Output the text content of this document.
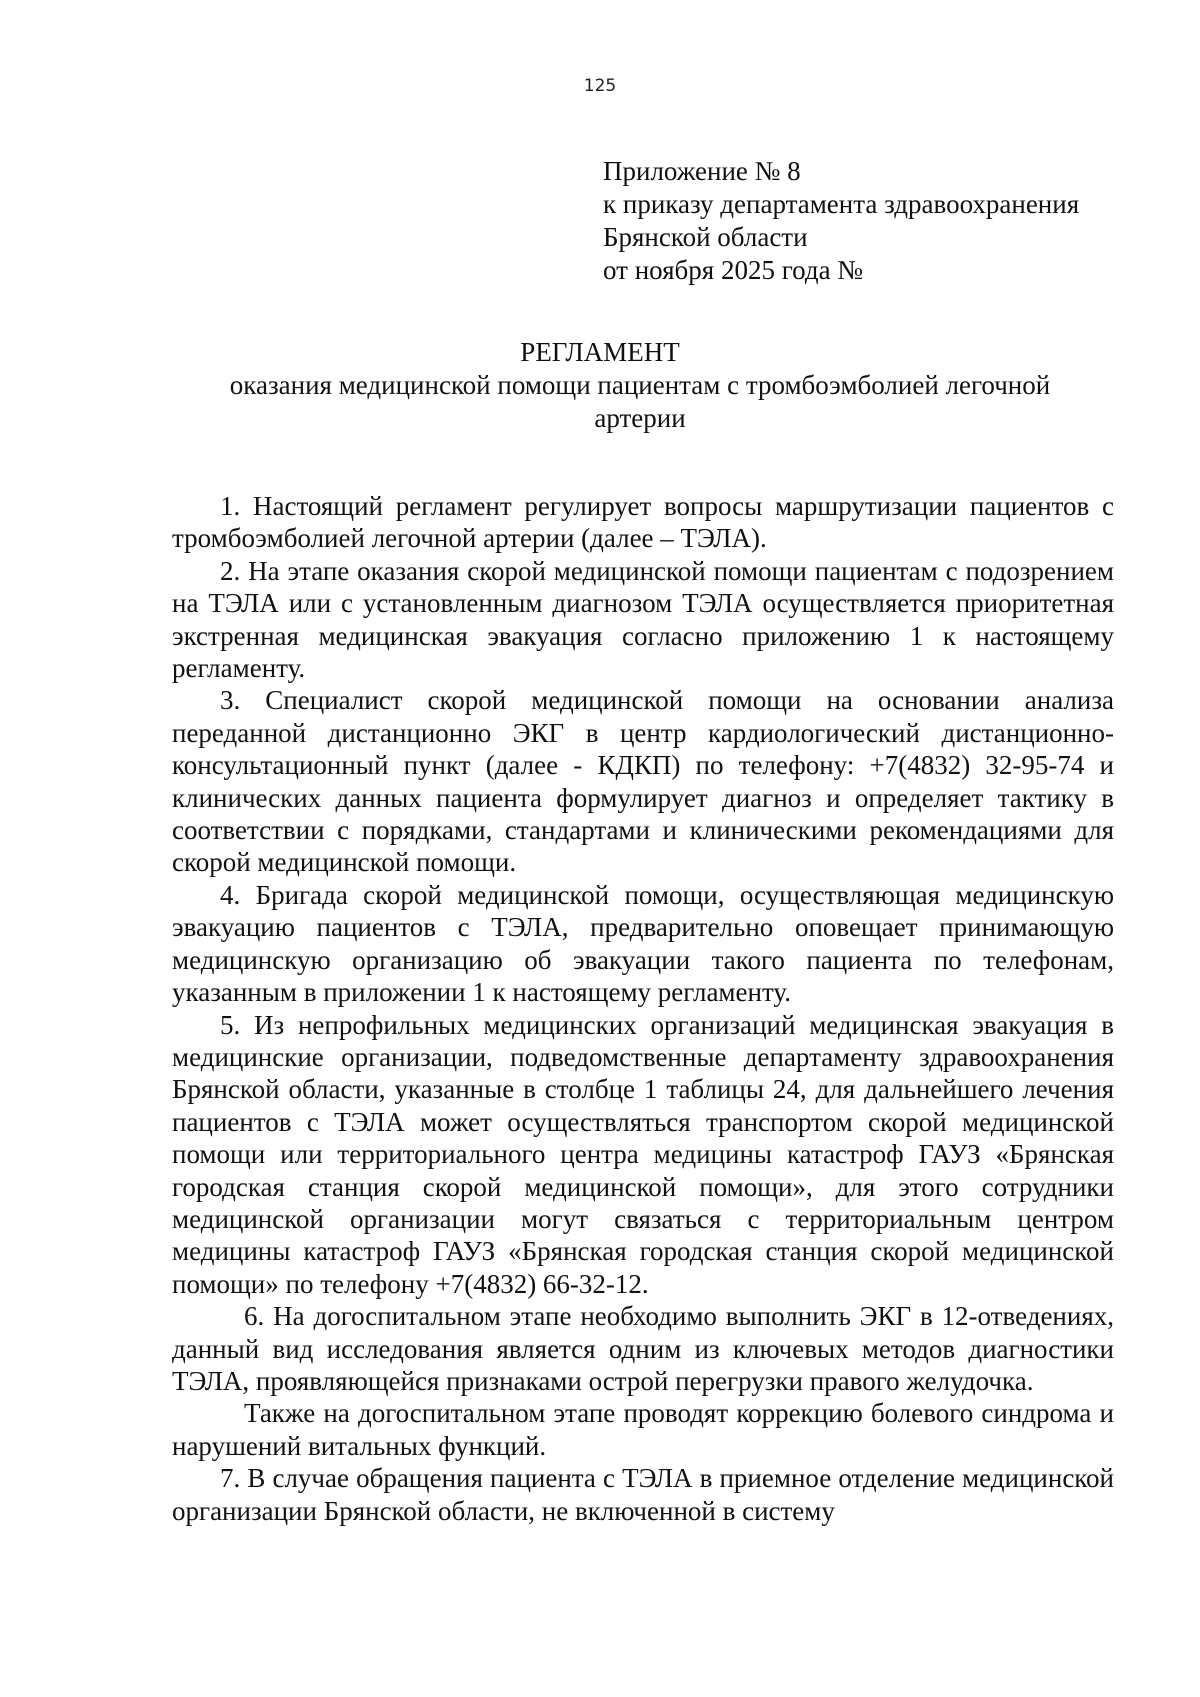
125
Приложение № 8
к приказу департамента здравоохранения
Брянской области
от ноября 2025 года №
РЕГЛАМЕНТ
оказания медицинской помощи пациентам с тромбоэмболией легочной артерии

1. Настоящий регламент регулирует вопросы маршрутизации пациентов с тромбоэмболией легочной артерии (далее – ТЭЛА).

2. На этапе оказания скорой медицинской помощи пациентам с подозрением на ТЭЛА или с установленным диагнозом ТЭЛА осуществляется приоритетная экстренная медицинская эвакуация согласно приложению 1 к настоящему регламенту.

3. Специалист скорой медицинской помощи на основании анализа переданной дистанционно ЭКГ в центр кардиологический дистанционно-консультационный пункт (далее - КДКП) по телефону: +7(4832) 32-95-74 и клинических данных пациента формулирует диагноз и определяет тактику в соответствии с порядками, стандартами и клиническими рекомендациями для скорой медицинской помощи.

4. Бригада скорой медицинской помощи, осуществляющая медицинскую эвакуацию пациентов с ТЭЛА, предварительно оповещает принимающую медицинскую организацию об эвакуации такого пациента по телефонам, указанным в приложении 1 к настоящему регламенту.

5. Из непрофильных медицинских организаций медицинская эвакуация в медицинские организации, подведомственные департаменту здравоохранения Брянской области, указанные в столбце 1 таблицы 24, для дальнейшего лечения пациентов с ТЭЛА может осуществляться транспортом скорой медицинской помощи или территориального центра медицины катастроф ГАУЗ «Брянская городская станция скорой медицинской помощи», для этого сотрудники медицинской организации могут связаться с территориальным центром медицины катастроф ГАУЗ «Брянская городская станция скорой медицинской помощи» по телефону +7(4832) 66-32-12.

6. На догоспитальном этапе необходимо выполнить ЭКГ в 12-отведениях, данный вид исследования является одним из ключевых методов диагностики ТЭЛА, проявляющейся признаками острой перегрузки правого желудочка.

Также на догоспитальном этапе проводят коррекцию болевого синдрома и нарушений витальных функций.

7. В случае обращения пациента с ТЭЛА в приемное отделение медицинской организации Брянской области, не включенной в систему
